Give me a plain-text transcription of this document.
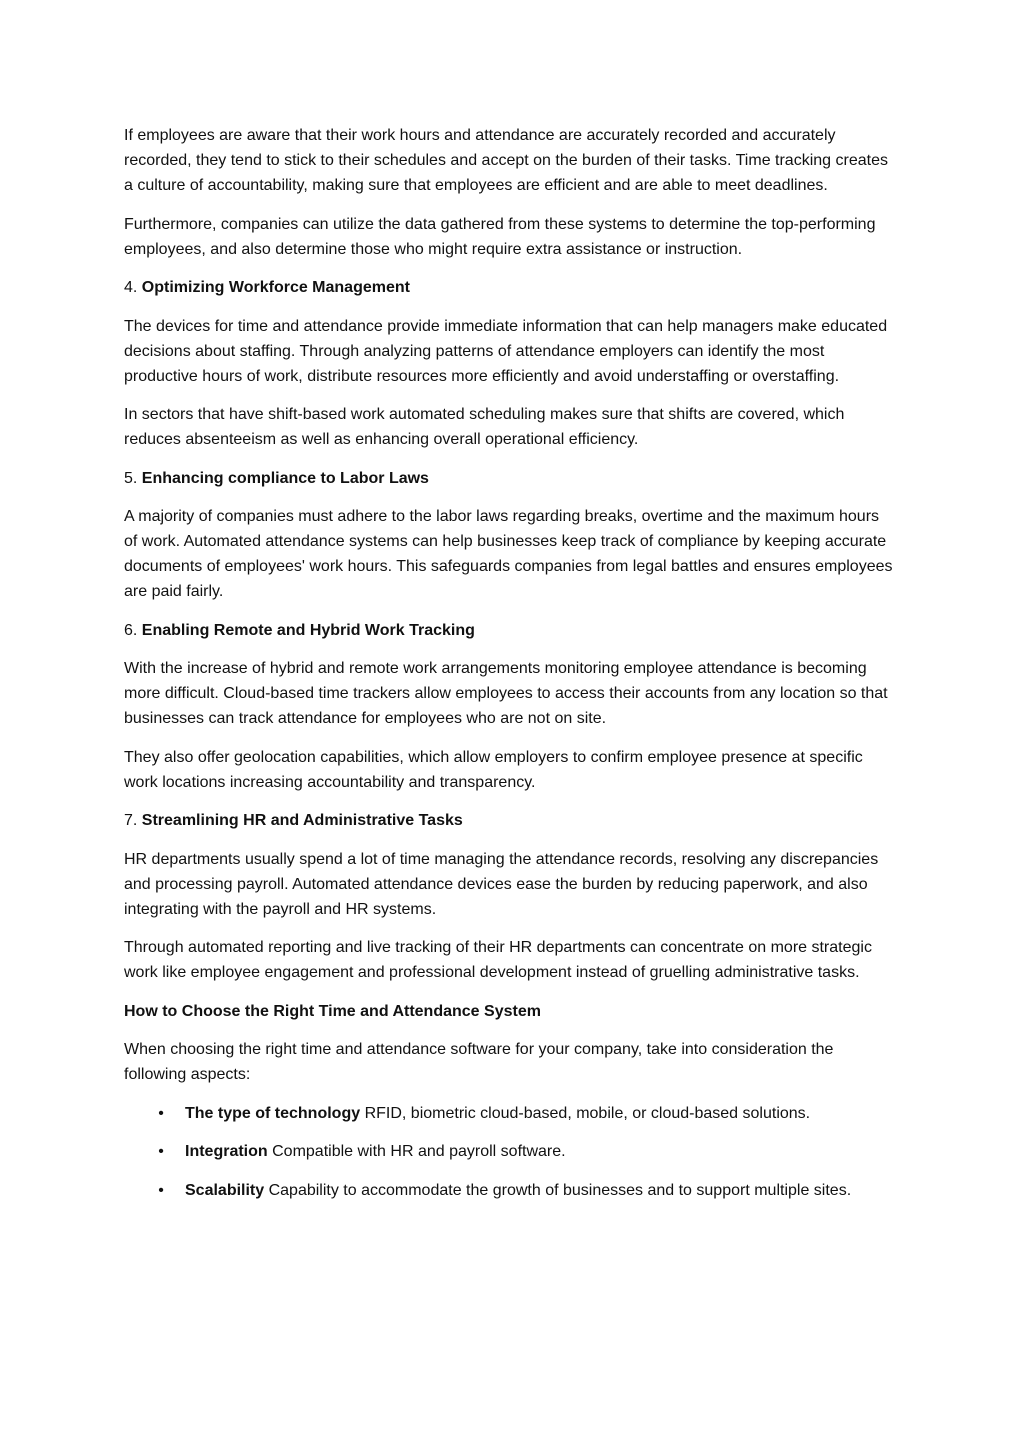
If employees are aware that their work hours and attendance are accurately recorded and accurately recorded, they tend to stick to their schedules and accept on the burden of their tasks. Time tracking creates a culture of accountability, making sure that employees are efficient and are able to meet deadlines.

Furthermore, companies can utilize the data gathered from these systems to determine the top-performing employees, and also determine those who might require extra assistance or instruction.

4. Optimizing Workforce Management

The devices for time and attendance provide immediate information that can help managers make educated decisions about staffing. Through analyzing patterns of attendance employers can identify the most productive hours of work, distribute resources more efficiently and avoid understaffing or overstaffing.

In sectors that have shift-based work automated scheduling makes sure that shifts are covered, which reduces absenteeism as well as enhancing overall operational efficiency.

5. Enhancing compliance to Labor Laws

A majority of companies must adhere to the labor laws regarding breaks, overtime and the maximum hours of work. Automated attendance systems can help businesses keep track of compliance by keeping accurate documents of employees' work hours. This safeguards companies from legal battles and ensures employees are paid fairly.

6. Enabling Remote and Hybrid Work Tracking

With the increase of hybrid and remote work arrangements monitoring employee attendance is becoming more difficult. Cloud-based time trackers allow employees to access their accounts from any location so that businesses can track attendance for employees who are not on site.

They also offer geolocation capabilities, which allow employers to confirm employee presence at specific work locations increasing accountability and transparency.

7. Streamlining HR and Administrative Tasks

HR departments usually spend a lot of time managing the attendance records, resolving any discrepancies and processing payroll. Automated attendance devices ease the burden by reducing paperwork, and also integrating with the payroll and HR systems.

Through automated reporting and live tracking of their HR departments can concentrate on more strategic work like employee engagement and professional development instead of gruelling administrative tasks.

How to Choose the Right Time and Attendance System

When choosing the right time and attendance software for your company, take into consideration the following aspects:

• The type of technology RFID, biometric cloud-based, mobile, or cloud-based solutions.
• Integration Compatible with HR and payroll software.
• Scalability Capability to accommodate the growth of businesses and to support multiple sites.
